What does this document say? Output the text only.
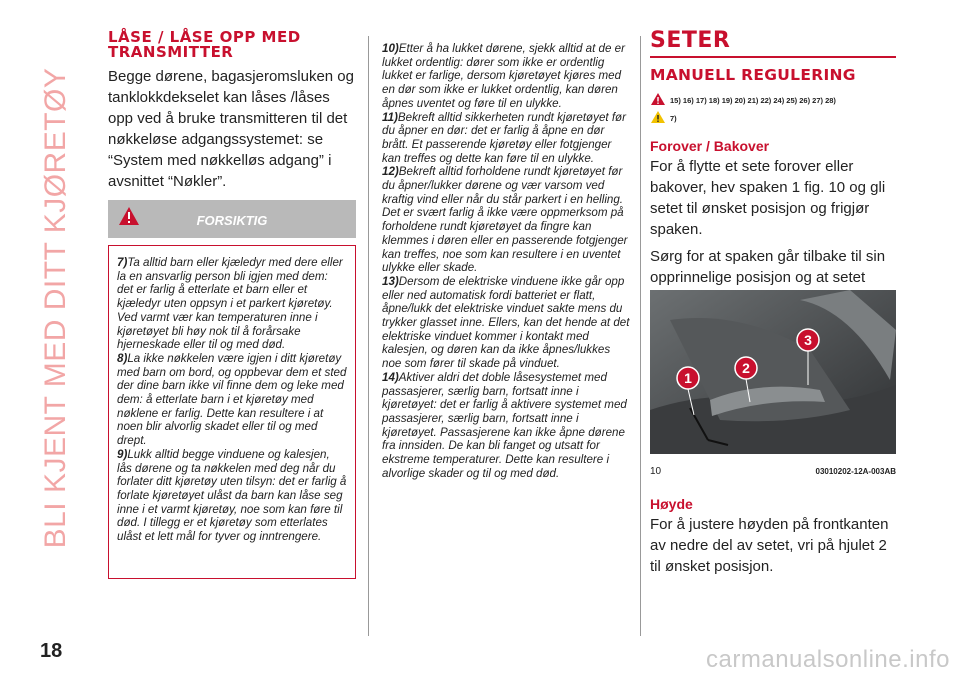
BLI KJENT MED DITT KJØRETØY
LÅSE / LÅSE OPP MED TRANSMITTER

Begge dørene, bagasjeromsluken og tanklokkdekselet kan låses /låses opp ved å bruke transmitteren til det nøkkeløse adgangssystemet: se “System med nøkkelløs adgang” i avsnittet “Nøkler”.

FORSIKTIG

7)Ta alltid barn eller kjæledyr med dere eller la en ansvarlig person bli igjen med dem: det er farlig å etterlate et barn eller et kjæledyr uten oppsyn i et parkert kjøretøy. Ved varmt vær kan temperaturen inne i kjøretøyet bli høy nok til å forårsake hjerneskade eller til og med død.

8)La ikke nøkkelen være igjen i ditt kjøretøy med barn om bord, og oppbevar dem et sted der dine barn ikke vil finne dem og leke med dem: å etterlate barn i et kjøretøy med nøklene er farlig. Dette kan resultere i at noen blir alvorlig skadet eller til og med drept.

9)Lukk alltid begge vinduene og kalesjen, lås dørene og ta nøkkelen med deg når du forlater ditt kjøretøy uten tilsyn: det er farlig å forlate kjøretøyet ulåst da barn kan låse seg inne i et varmt kjøretøy, noe som kan føre til død. I tillegg er et kjøretøy som etterlates ulåst et lett mål for tyver og inntrengere.

10)Etter å ha lukket dørene, sjekk alltid at de er lukket ordentlig: dører som ikke er ordentlig lukket er farlige, dersom kjøretøyet kjøres med en dør som ikke er lukket ordentlig, kan døren åpnes uventet og føre til en ulykke.

11)Bekreft alltid sikkerheten rundt kjøretøyet før du åpner en dør: det er farlig å åpne en dør brått. Et passerende kjøretøy eller fotgjenger kan treffes og dette kan føre til en ulykke.

12)Bekreft alltid forholdene rundt kjøretøyet før du åpner/lukker dørene og vær varsom ved kraftig vind eller når du står parkert i en helling. Det er svært farlig å ikke være oppmerksom på forholdene rundt kjøretøyet da fingre kan klemmes i døren eller en passerende fotgjenger kan treffes, noe som kan resultere i en uventet ulykke eller skade.

13)Dersom de elektriske vinduene ikke går opp eller ned automatisk fordi batteriet er flatt, åpne/lukk det elektriske vinduet sakte mens du trykker glasset inne. Ellers, kan det hende at det elektriske vinduet kommer i kontakt med kalesjen, og døren kan da ikke åpnes/lukkes noe som fører til skade på vinduet.

14)Aktiver aldri det doble låsesystemet med passasjerer, særlig barn, fortsatt inne i kjøretøyet: det er farlig å aktivere systemet med passasjerer, særlig barn, fortsatt inne i kjøretøyet. Passasjerene kan ikke åpne dørene fra innsiden. De kan bli fanget og utsatt for ekstreme temperaturer. Dette kan resultere i alvorlige skader og til og med død.

SETER
MANUELL REGULERING
15) 16) 17) 18) 19) 20) 21) 22) 24) 25) 26) 27) 28)
7)
Forover / Bakover

For å flytte et sete forover eller bakover, hev spaken 1 fig. 10 og gli setet til ønsket posisjon og frigjør spaken.

Sørg for at spaken går tilbake til sin opprinnelige posisjon og at setet

1
2
3
10	03010202-12A-003AB
Høyde

For å justere høyden på frontkanten av nedre del av setet, vri på hjulet 2 til ønsket posisjon.

18	carmanualsonline.info
